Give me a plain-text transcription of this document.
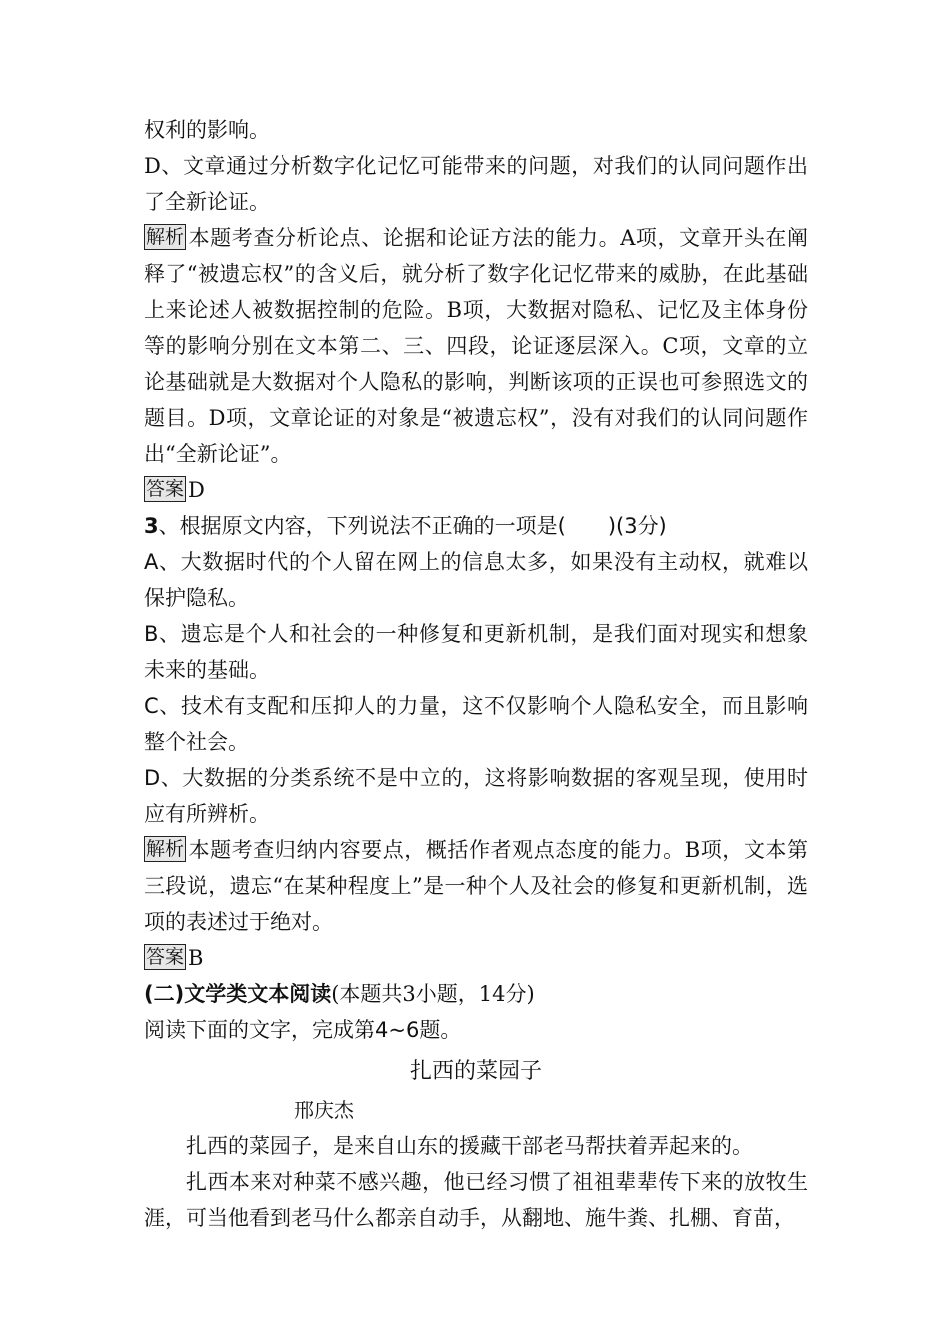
权利的影响。
D、文章通过分析数字化记忆可能带来的问题，对我们的认同问题作出了全新论证。
解析 本题考查分析论点、论据和论证方法的能力。A项，文章开头在阐释了“被遗忘权”的含义后，就分析了数字化记忆带来的威胁，在此基础上来论述人被数据控制的危险。B项，大数据对隐私、记忆及主体身份等的影响分别在文本第二、三、四段，论证逐层深入。C项，文章的立论基础就是大数据对个人隐私的影响，判断该项的正误也可参照选文的题目。D项，文章论证的对象是“被遗忘权”，没有对我们的认同问题作出“全新论证”。
答案 D
3、根据原文内容，下列说法不正确的一项是(　　)(3分)
A、大数据时代的个人留在网上的信息太多，如果没有主动权，就难以保护隐私。
B、遗忘是个人和社会的一种修复和更新机制，是我们面对现实和想象未来的基础。
C、技术有支配和压抑人的力量，这不仅影响个人隐私安全，而且影响整个社会。
D、大数据的分类系统不是中立的，这将影响数据的客观呈现，使用时应有所辨析。
解析 本题考查归纳内容要点，概括作者观点态度的能力。B项，文本第三段说，遗忘“在某种程度上”是一种个人及社会的修复和更新机制，选项的表述过于绝对。
答案 B
(二)文学类文本阅读(本题共3小题，14分)
阅读下面的文字，完成第4~6题。
扎西的菜园子
邢庆杰
扎西的菜园子，是来自山东的援藏干部老马帮扶着弄起来的。
扎西本来对种菜不感兴趣，他已经习惯了祖祖辈辈传下来的放牧生涯，可当他看到老马什么都亲自动手，从翻地、施牛粪、扎棚、育苗，
